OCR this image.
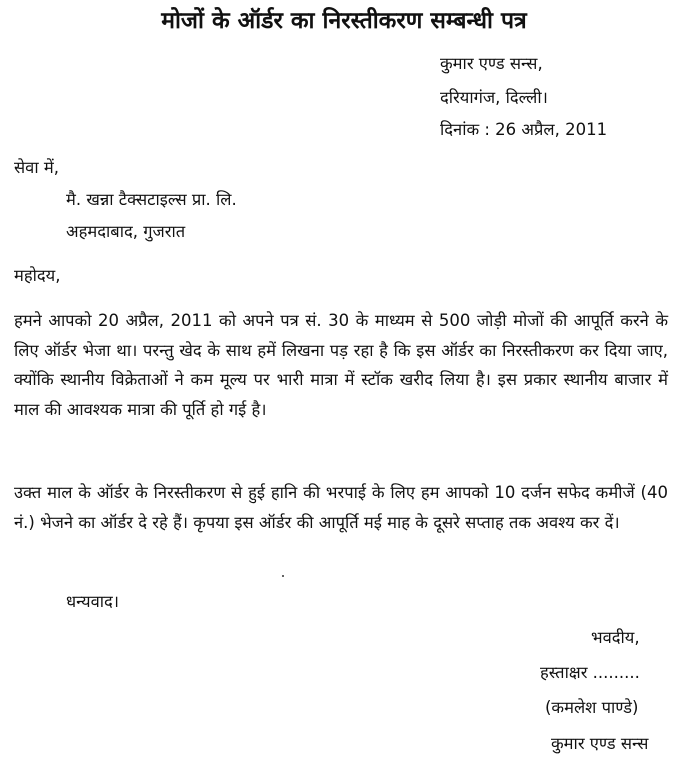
मोजों के ऑर्डर का निरस्तीकरण सम्बन्धी पत्र
कुमार एण्ड सन्स,
दरियागंज, दिल्ली।
दिनांक : 26 अप्रैल, 2011
सेवा में,
मै. खन्ना टैक्सटाइल्स प्रा. लि.
अहमदाबाद, गुजरात
महोदय,
हमने आपको 20 अप्रैल, 2011 को अपने पत्र सं. 30 के माध्यम से 500 जोड़ी मोजों की आपूर्ति करने के लिए ऑर्डर भेजा था। परन्तु खेद के साथ हमें लिखना पड़ रहा है कि इस ऑर्डर का निरस्तीकरण कर दिया जाए, क्योंकि स्थानीय विक्रेताओं ने कम मूल्य पर भारी मात्रा में स्टॉक खरीद लिया है। इस प्रकार स्थानीय बाजार में माल की आवश्यक मात्रा की पूर्ति हो गई है।
उक्त माल के ऑर्डर के निरस्तीकरण से हुई हानि की भरपाई के लिए हम आपको 10 दर्जन सफेद कमीजें (40 नं.) भेजने का ऑर्डर दे रहे हैं। कृपया इस ऑर्डर की आपूर्ति मई माह के दूसरे सप्ताह तक अवश्य कर दें।
धन्यवाद।
भवदीय,
हस्ताक्षर .........
(कमलेश पाण्डे)
कुमार एण्ड सन्स
